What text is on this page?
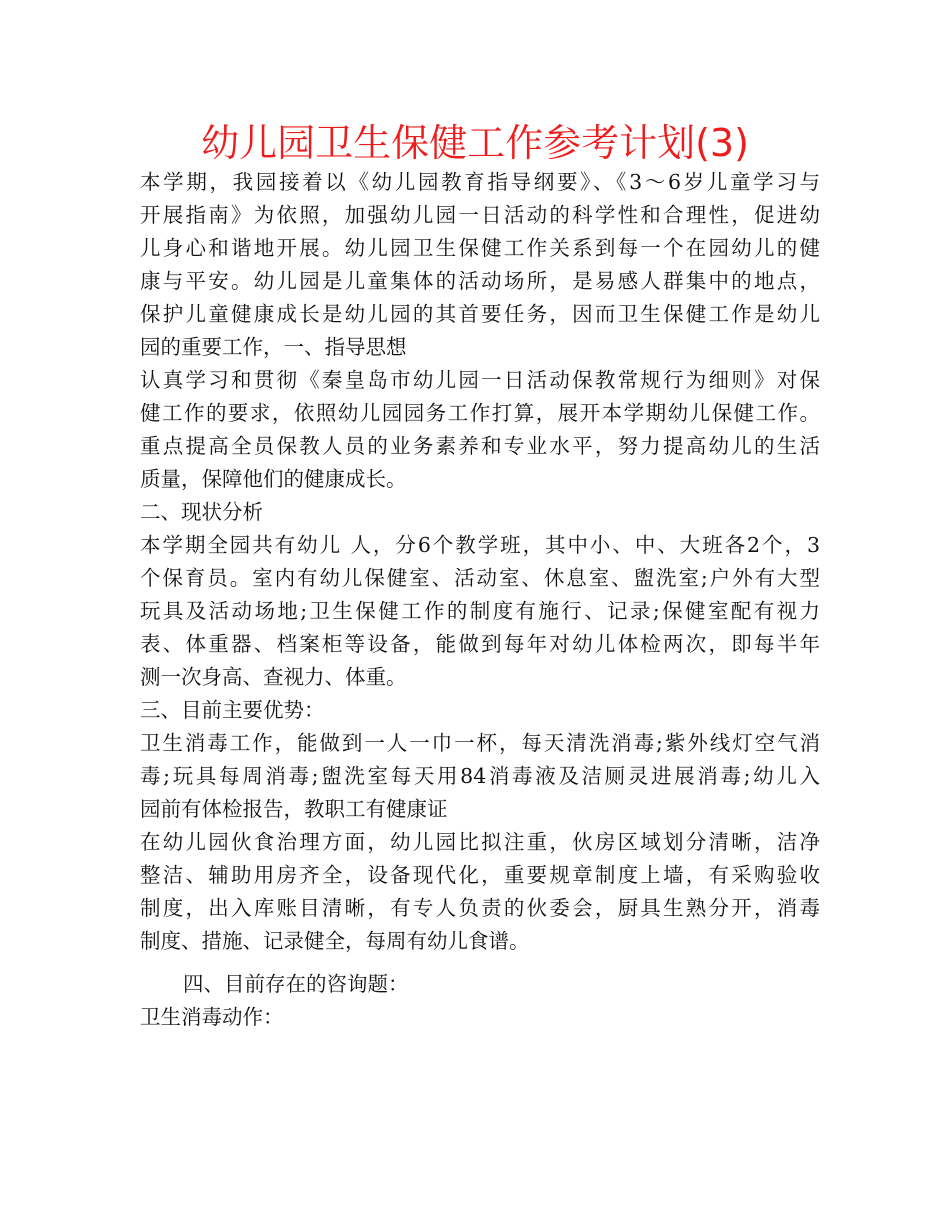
幼儿园卫生保健工作参考计划(3)
本学期，我园接着以《幼儿园教育指导纲要》、《3～6岁儿童学习与
开展指南》为依照，加强幼儿园一日活动的科学性和合理性，促进幼
儿身心和谐地开展。幼儿园卫生保健工作关系到每一个在园幼儿的健
康与平安。幼儿园是儿童集体的活动场所，是易感人群集中的地点，
保护儿童健康成长是幼儿园的其首要任务，因而卫生保健工作是幼儿
园的重要工作，一、指导思想
认真学习和贯彻《秦皇岛市幼儿园一日活动保教常规行为细则》对保
健工作的要求，依照幼儿园园务工作打算，展开本学期幼儿保健工作。
重点提高全员保教人员的业务素养和专业水平，努力提高幼儿的生活
质量，保障他们的健康成长。
二、现状分析
本学期全园共有幼儿 人，分6个教学班，其中小、中、大班各2个，3
个保育员。室内有幼儿保健室、活动室、休息室、盥洗室;户外有大型
玩具及活动场地;卫生保健工作的制度有施行、记录;保健室配有视力
表、体重器、档案柜等设备，能做到每年对幼儿体检两次，即每半年
测一次身高、查视力、体重。
三、目前主要优势：
卫生消毒工作，能做到一人一巾一杯，每天清洗消毒;紫外线灯空气消
毒;玩具每周消毒;盥洗室每天用84消毒液及洁厕灵进展消毒;幼儿入
园前有体检报告，教职工有健康证
在幼儿园伙食治理方面，幼儿园比拟注重，伙房区域划分清晰，洁净
整洁、辅助用房齐全，设备现代化，重要规章制度上墙，有采购验收
制度，出入库账目清晰，有专人负责的伙委会，厨具生熟分开，消毒
制度、措施、记录健全，每周有幼儿食谱。
四、目前存在的咨询题：
卫生消毒动作：
